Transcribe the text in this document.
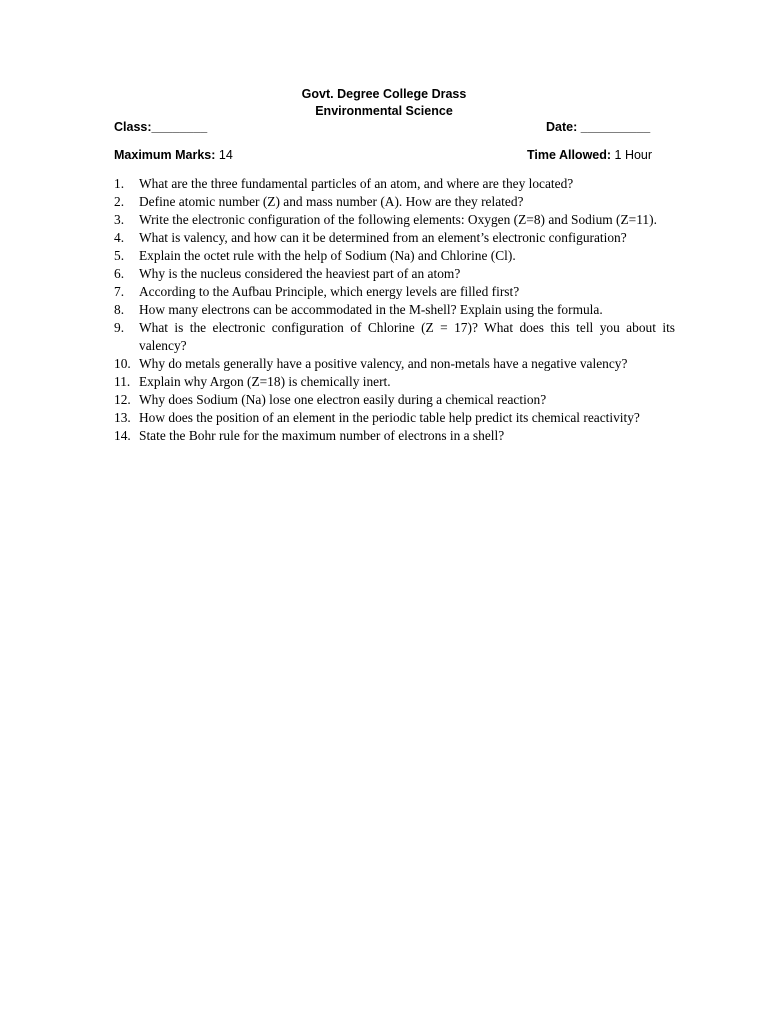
Govt. Degree College Drass
Environmental Science
Class:________	Date: __________
Maximum Marks: 14	Time Allowed: 1 Hour
1. What are the three fundamental particles of an atom, and where are they located?
2. Define atomic number (Z) and mass number (A). How are they related?
3. Write the electronic configuration of the following elements: Oxygen (Z=8) and Sodium (Z=11).
4. What is valency, and how can it be determined from an element’s electronic configuration?
5. Explain the octet rule with the help of Sodium (Na) and Chlorine (Cl).
6. Why is the nucleus considered the heaviest part of an atom?
7. According to the Aufbau Principle, which energy levels are filled first?
8. How many electrons can be accommodated in the M-shell? Explain using the formula.
9. What is the electronic configuration of Chlorine (Z = 17)? What does this tell you about its valency?
10. Why do metals generally have a positive valency, and non-metals have a negative valency?
11. Explain why Argon (Z=18) is chemically inert.
12. Why does Sodium (Na) lose one electron easily during a chemical reaction?
13. How does the position of an element in the periodic table help predict its chemical reactivity?
14. State the Bohr rule for the maximum number of electrons in a shell?
